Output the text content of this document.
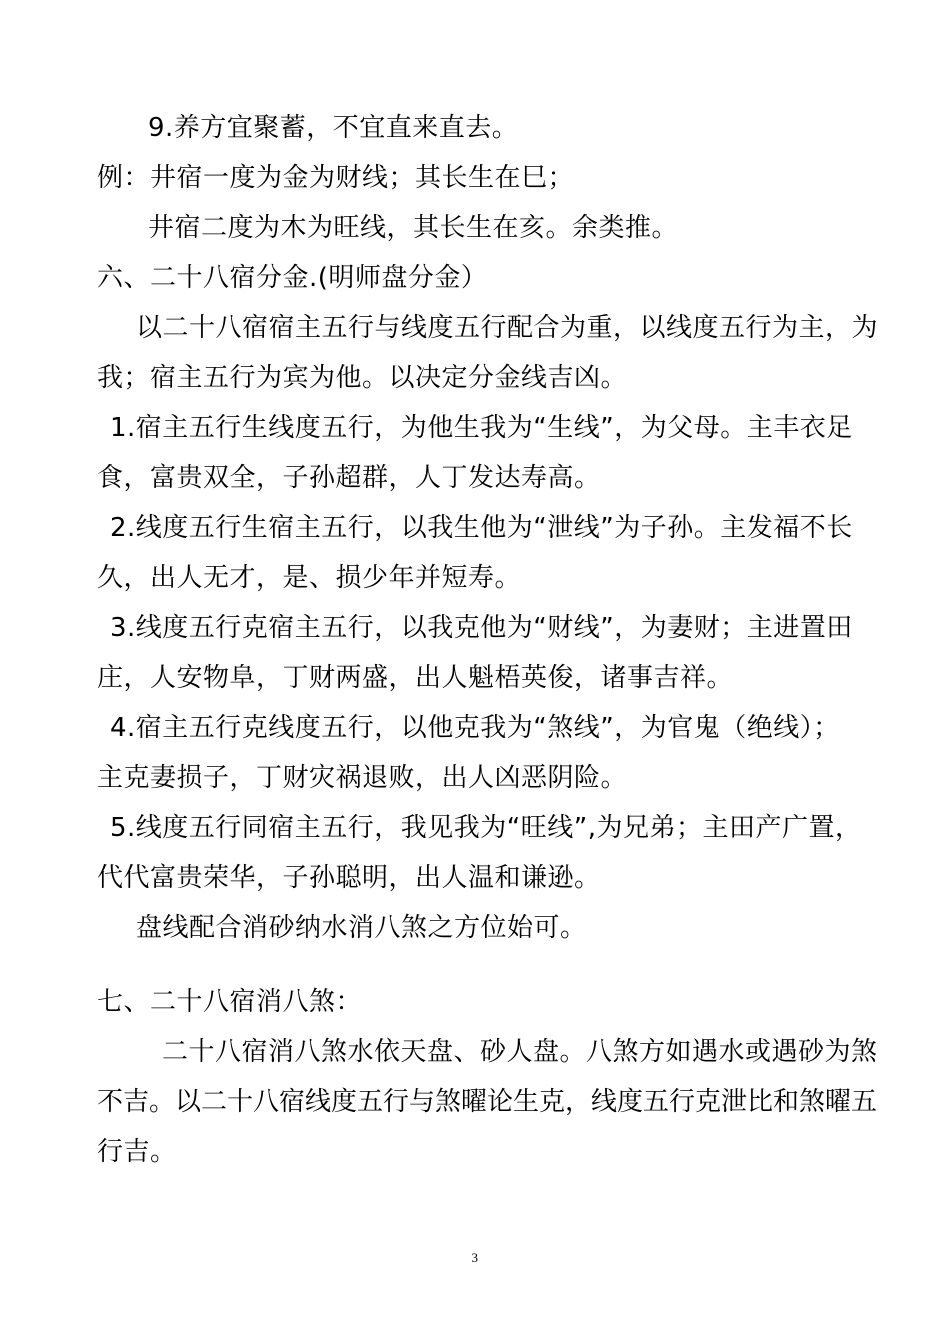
9.养方宜聚蓄，不宜直来直去。
例：井宿一度为金为财线；其长生在巳；
井宿二度为木为旺线，其长生在亥。余类推。
六、二十八宿分金.(明师盘分金）
以二十八宿宿主五行与线度五行配合为重，以线度五行为主，为
我；宿主五行为宾为他。以决定分金线吉凶。
1.宿主五行生线度五行，为他生我为“生线”，为父母。主丰衣足
食，富贵双全，子孙超群，人丁发达寿高。
2.线度五行生宿主五行，以我生他为“泄线”为子孙。主发福不长
久，出人无才，是、损少年并短寿。
3.线度五行克宿主五行，以我克他为“财线”，为妻财；主进置田
庄，人安物阜，丁财两盛，出人魁梧英俊，诸事吉祥。
4.宿主五行克线度五行，以他克我为“煞线”，为官鬼（绝线）；
主克妻损子，丁财灾祸退败，出人凶恶阴险。
5.线度五行同宿主五行，我见我为“旺线”,为兄弟；主田产广置，
代代富贵荣华，子孙聪明，出人温和谦逊。
盘线配合消砂纳水消八煞之方位始可。
七、二十八宿消八煞：
二十八宿消八煞水依天盘、砂人盘。八煞方如遇水或遇砂为煞
不吉。以二十八宿线度五行与煞曜论生克，线度五行克泄比和煞曜五
行吉。
3
